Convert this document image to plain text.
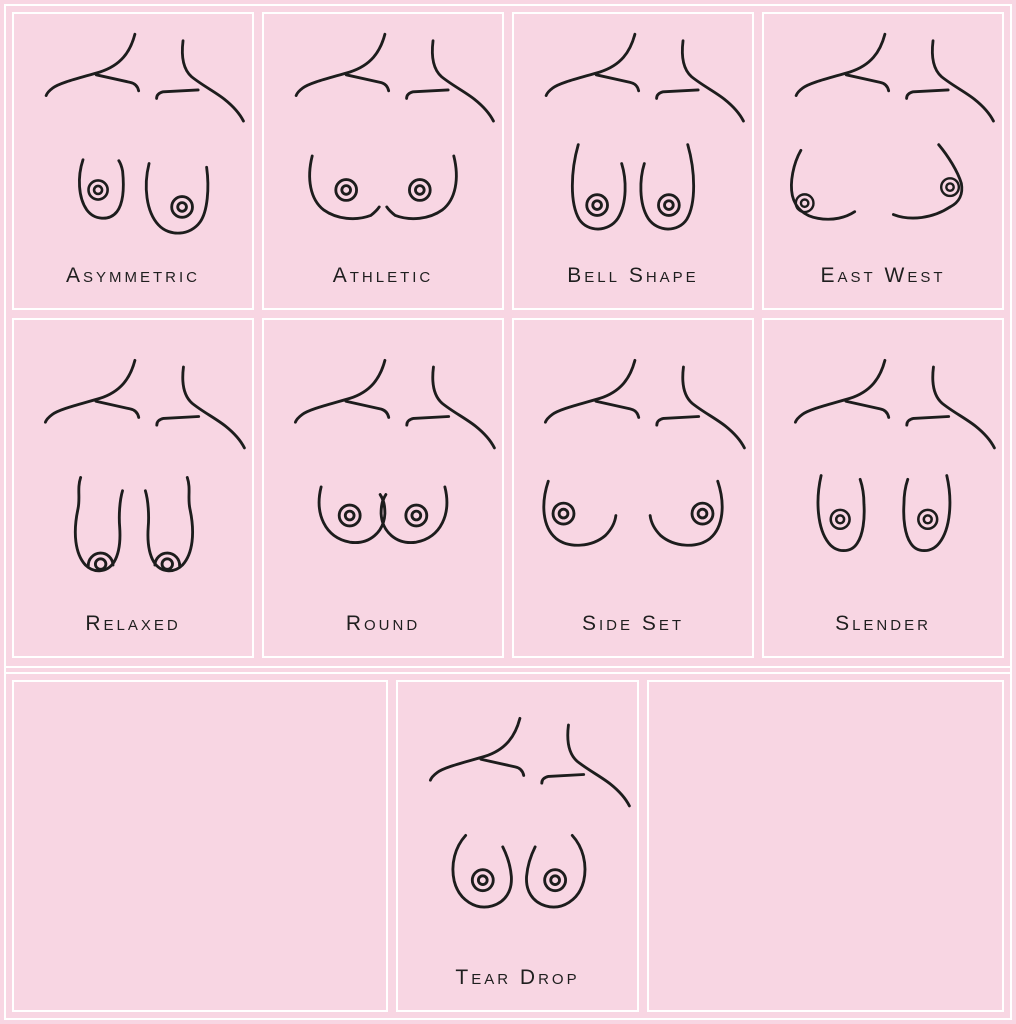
Asymmetric	Athletic	Bell Shape	East West
Relaxed	Round	Side Set	Slender
Tear Drop
